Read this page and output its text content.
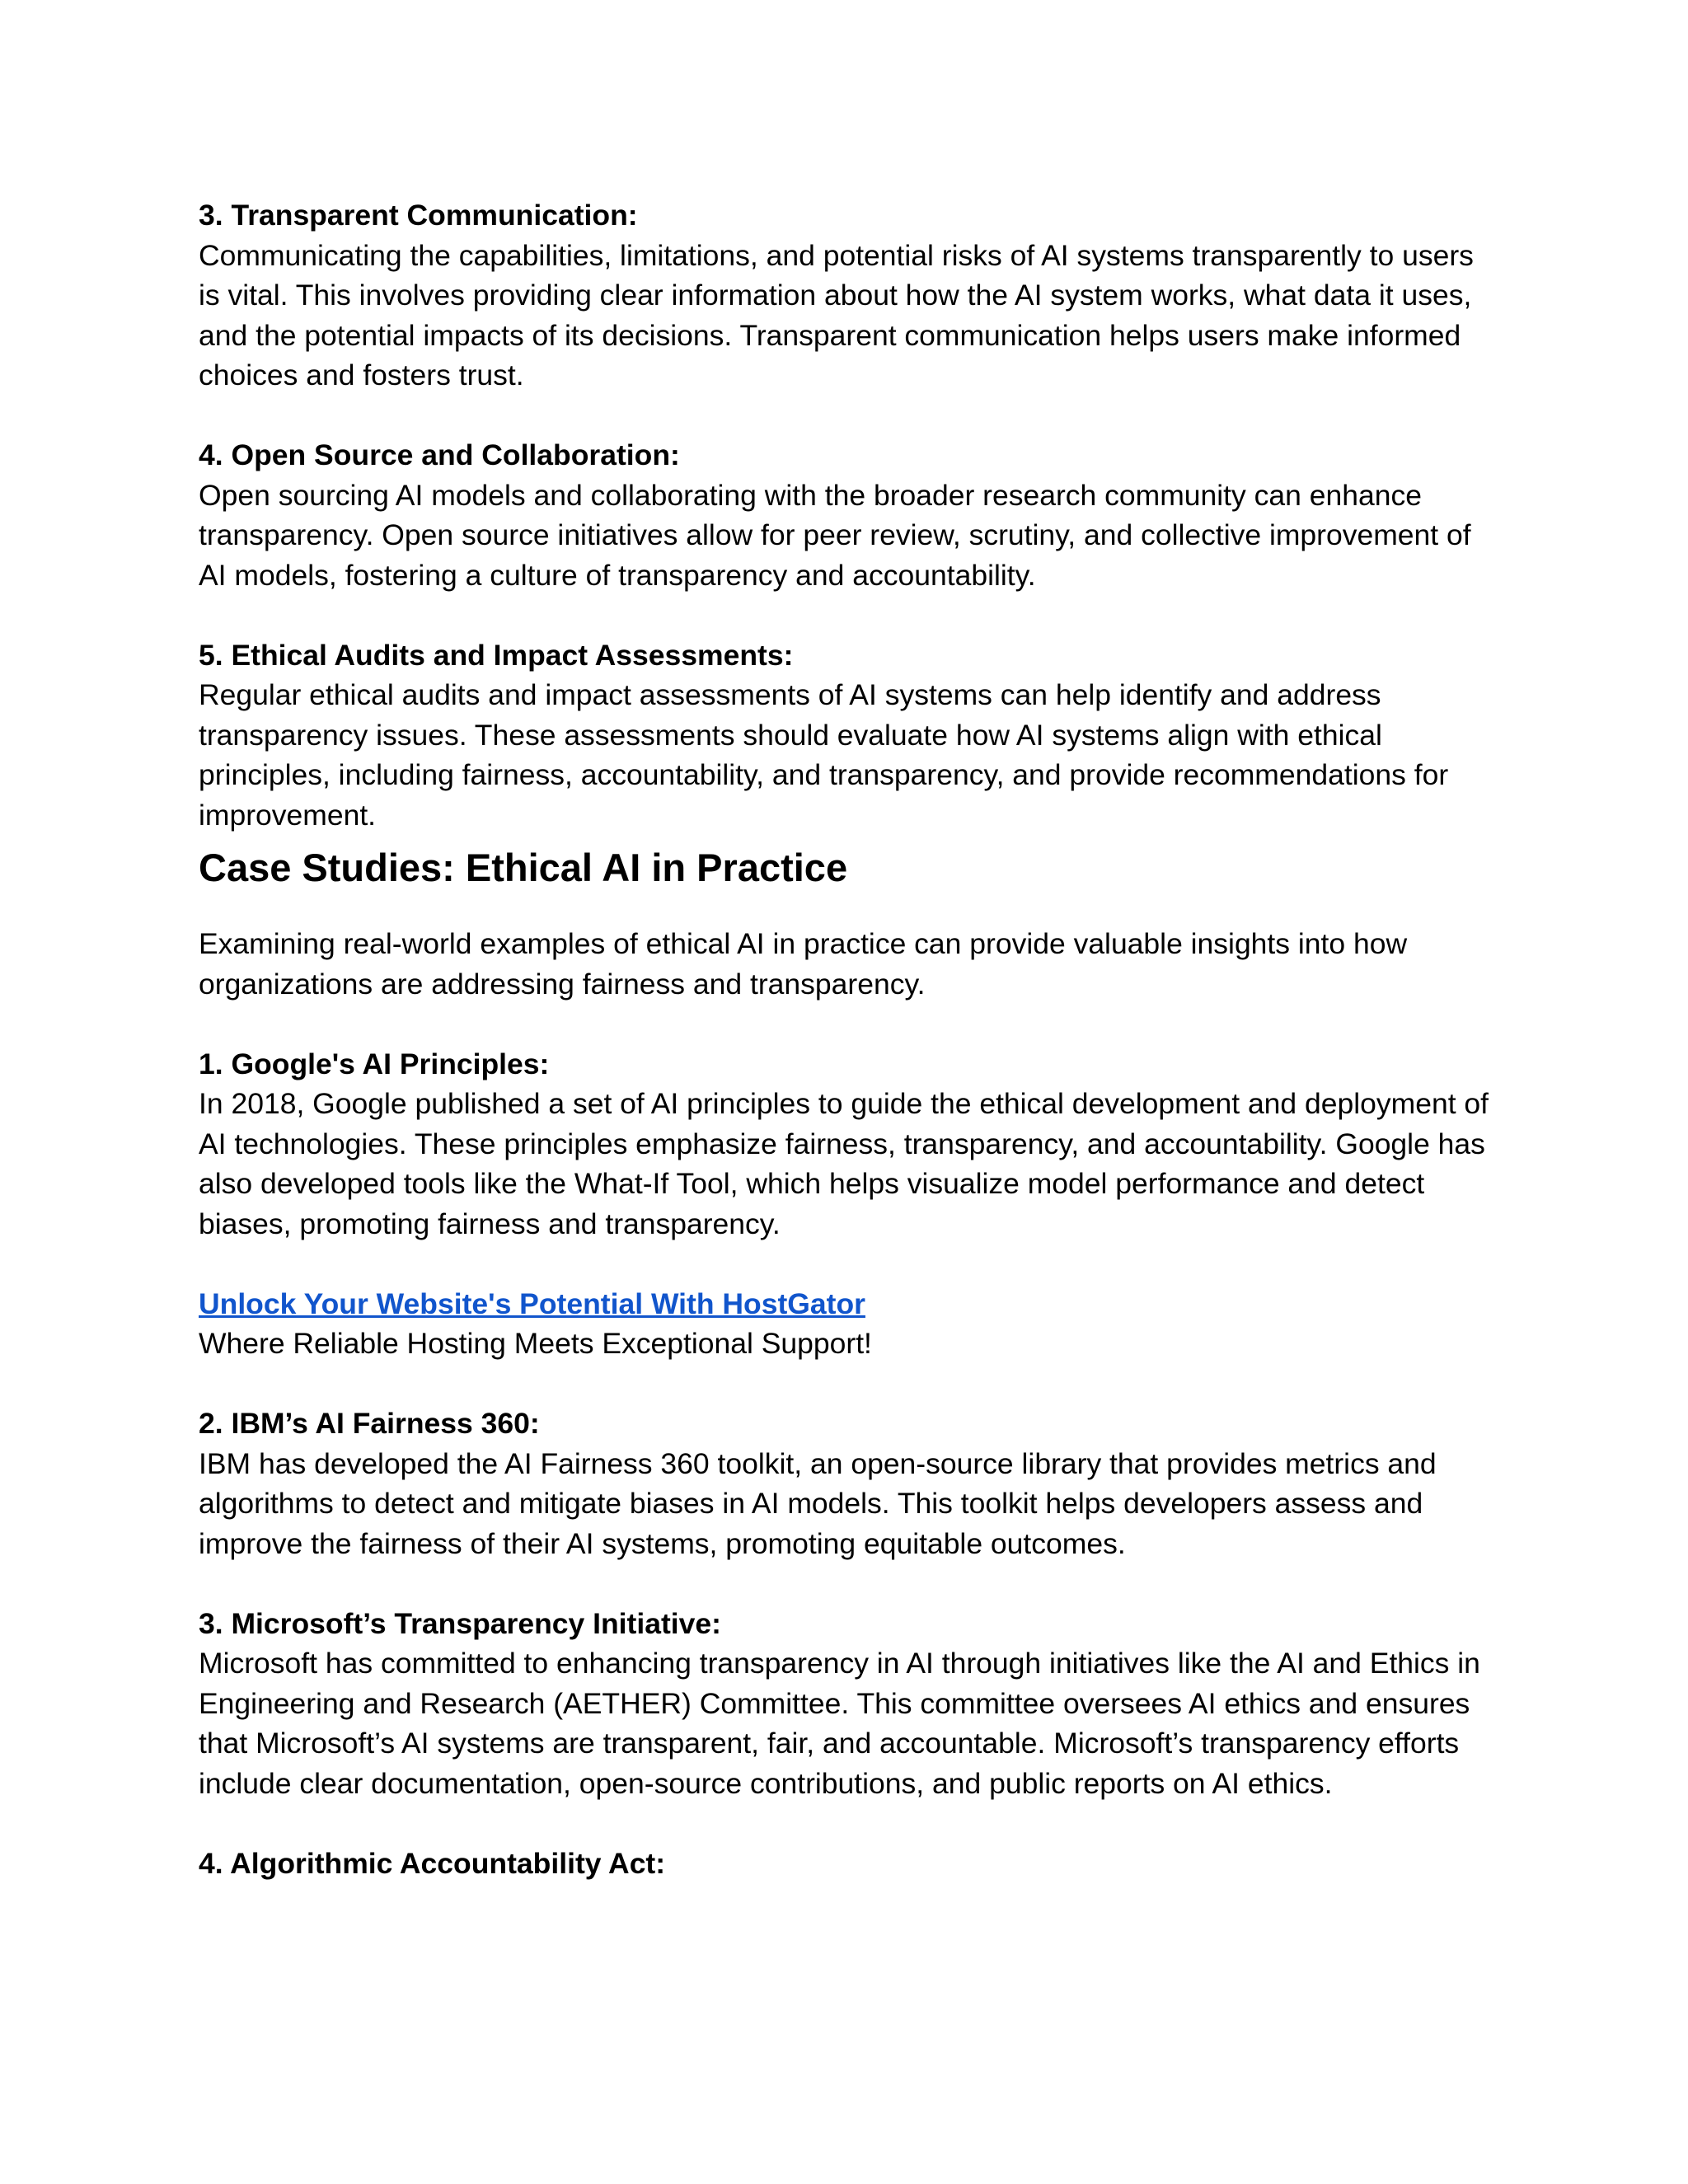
3. Transparent Communication:
Communicating the capabilities, limitations, and potential risks of AI systems transparently to users is vital. This involves providing clear information about how the AI system works, what data it uses, and the potential impacts of its decisions. Transparent communication helps users make informed choices and fosters trust.
4. Open Source and Collaboration:
Open sourcing AI models and collaborating with the broader research community can enhance transparency. Open source initiatives allow for peer review, scrutiny, and collective improvement of AI models, fostering a culture of transparency and accountability.
5. Ethical Audits and Impact Assessments:
Regular ethical audits and impact assessments of AI systems can help identify and address transparency issues. These assessments should evaluate how AI systems align with ethical principles, including fairness, accountability, and transparency, and provide recommendations for improvement.
Case Studies: Ethical AI in Practice
Examining real-world examples of ethical AI in practice can provide valuable insights into how organizations are addressing fairness and transparency.
1. Google's AI Principles:
In 2018, Google published a set of AI principles to guide the ethical development and deployment of AI technologies. These principles emphasize fairness, transparency, and accountability. Google has also developed tools like the What-If Tool, which helps visualize model performance and detect biases, promoting fairness and transparency.
Unlock Your Website's Potential With HostGator
Where Reliable Hosting Meets Exceptional Support!
2. IBM’s AI Fairness 360:
IBM has developed the AI Fairness 360 toolkit, an open-source library that provides metrics and algorithms to detect and mitigate biases in AI models. This toolkit helps developers assess and improve the fairness of their AI systems, promoting equitable outcomes.
3. Microsoft’s Transparency Initiative:
Microsoft has committed to enhancing transparency in AI through initiatives like the AI and Ethics in Engineering and Research (AETHER) Committee. This committee oversees AI ethics and ensures that Microsoft’s AI systems are transparent, fair, and accountable. Microsoft’s transparency efforts include clear documentation, open-source contributions, and public reports on AI ethics.
4. Algorithmic Accountability Act:
